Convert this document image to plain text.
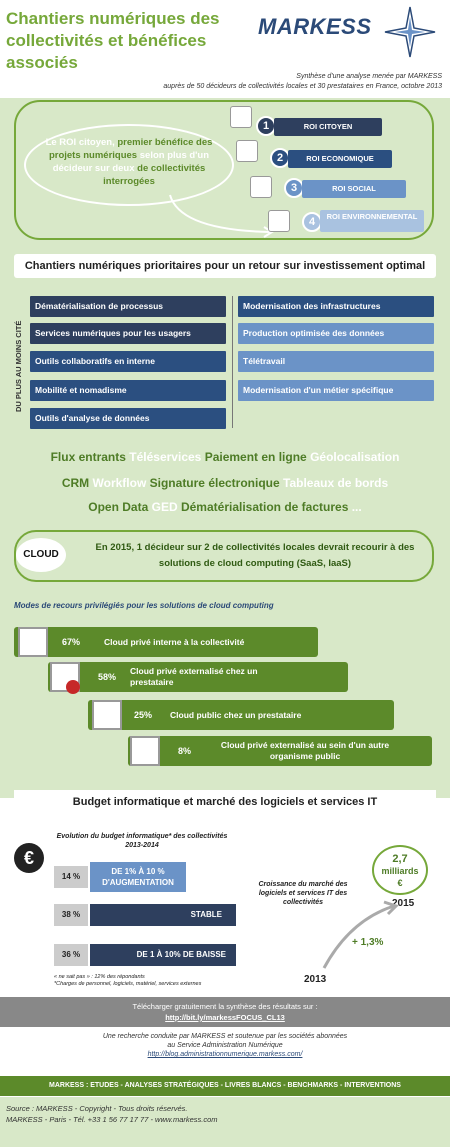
Chantiers numériques des collectivités et bénéfices associés
MARKESS
Synthèse d'une analyse menée par MARKESS
auprès de 50 décideurs de collectivités locales et 30 prestataires en France, octobre 2013
Le ROI citoyen, premier bénéfice des projets numériques selon plus d'un décideur sur deux de collectivités interrogées
1	ROI CITOYEN
2	ROI ECONOMIQUE
3	ROI SOCIAL
4	ROI ENVIRONNEMENTAL
Chantiers numériques prioritaires pour un retour sur investissement optimal
DU PLUS AU MOINS CITÉ
Dématérialisation de processus
Services numériques pour les usagers
Outils collaboratifs en interne
Mobilité et nomadisme
Outils d'analyse de données
Modernisation des infrastructures
Production optimisée des données
Télétravail
Modernisation d'un métier spécifique
Flux entrants Téléservices Paiement en ligne Géolocalisation
CRM Workflow Signature électronique Tableaux de bords
Open Data GED Dématérialisation de factures ...
CLOUD
En 2015, 1 décideur sur 2 de collectivités locales devrait recourir à des solutions de cloud computing (SaaS, IaaS)
Modes de recours privilégiés pour les solutions de cloud computing
67%	Cloud privé interne à la collectivité
58%
Cloud privé externalisé chez un prestataire
25% Cloud public chez un prestataire
8%
Cloud privé externalisé au sein d'un autre organisme public
Budget informatique et marché des logiciels et services IT
€
Evolution du budget informatique* des collectivités 2013-2014
14 %
DE 1% À 10 % D'AUGMENTATION
38 %	STABLE
36 %	DE 1 À 10% DE BAISSE
« ne sait pas » : 12% des répondants
*Charges de personnel, logiciels, matériel, services externes
2,7
milliards
€
Croissance du marché des logiciels et services IT des collectivités	2015
2013
+ 1,3%
Télécharger gratuitement la synthèse des résultats sur :
http://bit.ly/markessFOCUS_CL13
Une recherche conduite par MARKESS et soutenue par les sociétés abonnées
au Service Administration Numérique
http://blog.administrationnumerique.markess.com/
MARKESS : ETUDES - ANALYSES STRATÉGIQUES - LIVRES BLANCS - BENCHMARKS - INTERVENTIONS
Source : MARKESS - Copyright - Tous droits réservés.
MARKESS - Paris - Tél. +33 1 56 77 17 77 - www.markess.com
